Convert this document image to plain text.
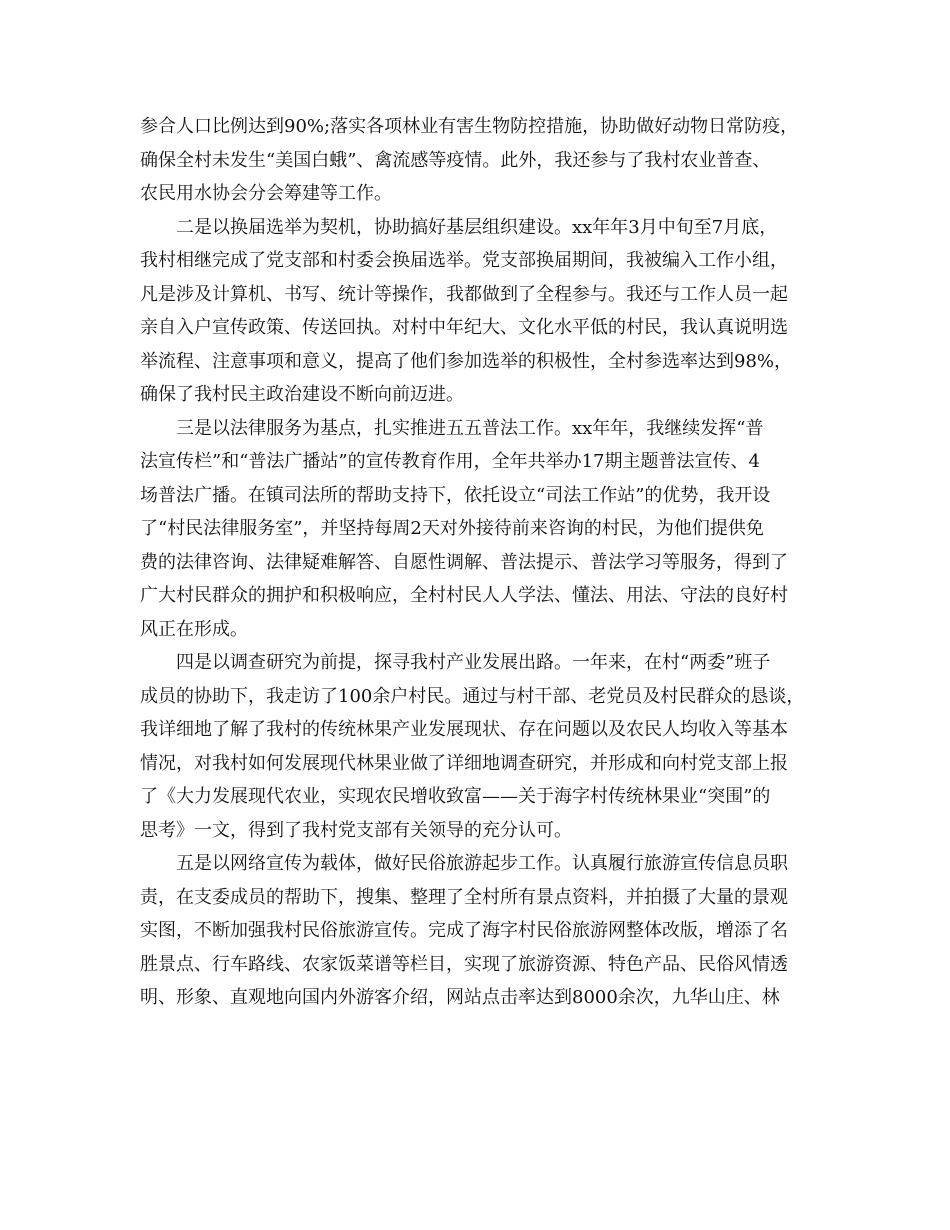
参合人口比例达到90%;落实各项林业有害生物防控措施，协助做好动物日常防疫，
确保全村未发生“美国白蛾”、禽流感等疫情。此外，我还参与了我村农业普查、
农民用水协会分会筹建等工作。
二是以换届选举为契机，协助搞好基层组织建设。xx年年3月中旬至7月底，
我村相继完成了党支部和村委会换届选举。党支部换届期间，我被编入工作小组，
凡是涉及计算机、书写、统计等操作，我都做到了全程参与。我还与工作人员一起
亲自入户宣传政策、传送回执。对村中年纪大、文化水平低的村民，我认真说明选
举流程、注意事项和意义，提高了他们参加选举的积极性，全村参选率达到98%，
确保了我村民主政治建设不断向前迈进。
三是以法律服务为基点，扎实推进五五普法工作。xx年年，我继续发挥“普
法宣传栏”和“普法广播站”的宣传教育作用，全年共举办17期主题普法宣传、4
场普法广播。在镇司法所的帮助支持下，依托设立“司法工作站”的优势，我开设
了“村民法律服务室”，并坚持每周2天对外接待前来咨询的村民，为他们提供免
费的法律咨询、法律疑难解答、自愿性调解、普法提示、普法学习等服务，得到了
广大村民群众的拥护和积极响应，全村村民人人学法、懂法、用法、守法的良好村
风正在形成。
四是以调查研究为前提，探寻我村产业发展出路。一年来，在村“两委”班子
成员的协助下，我走访了100余户村民。通过与村干部、老党员及村民群众的恳谈，
我详细地了解了我村的传统林果产业发展现状、存在问题以及农民人均收入等基本
情况，对我村如何发展现代林果业做了详细地调查研究，并形成和向村党支部上报
了《大力发展现代农业，实现农民增收致富——关于海字村传统林果业“突围”的
思考》一文，得到了我村党支部有关领导的充分认可。
五是以网络宣传为载体，做好民俗旅游起步工作。认真履行旅游宣传信息员职
责，在支委成员的帮助下，搜集、整理了全村所有景点资料，并拍摄了大量的景观
实图，不断加强我村民俗旅游宣传。完成了海字村民俗旅游网整体改版，增添了名
胜景点、行车路线、农家饭菜谱等栏目，实现了旅游资源、特色产品、民俗风情透
明、形象、直观地向国内外游客介绍，网站点击率达到8000余次，九华山庄、林
